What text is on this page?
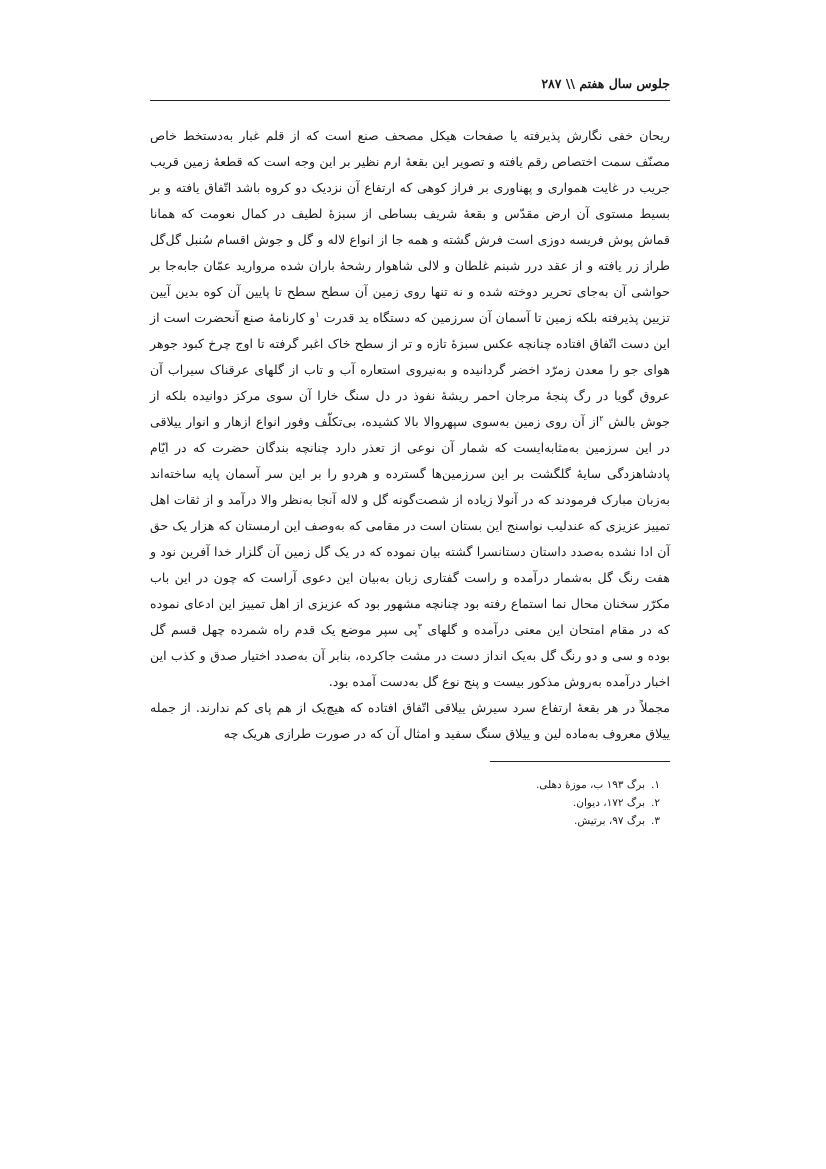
جلوس سال هفتم \\ ۲۸۷

ریحان خفی نگارش پذیرفته یا صفحات هیکل مصحف صنع است که از قلم غبار به‌دستخط خاص مصنّف سمت اختصاص رقم یافته و تصویر این بقعهٔ ارم نظیر بر این وجه است که قطعهٔ زمین قریب جریب در غایت همواری و پهناوری بر فراز کوهی که ارتفاع آن نزدیک دو کروه باشد اتّفاق یافته و بر بسیط مستوی آن ارض مقدّس و بقعهٔ شریف بساطی از سبزهٔ لطیف در کمال نعومت که همانا قماش پوش فریسه دوزی است فرش گشته و همه جا از انواع لاله و گل و جوش اقسام سُنبل گل‌گل طراز زر یافته و از عقد درر شبنم غلطان و لالی شاهوار رشحهٔ باران شده مروارید عمّان جابه‌جا بر حواشی آن به‌جای تحریر دوخته شده و نه تنها روی زمین آن سطح سطح تا پایین آن کوه بدین آیین تزیین پذیرفته بلکه زمین تا آسمان آن سرزمین که دستگاه ید قدرت $^۱$و کارنامهٔ صنع آنحضرت است از این دست اتّفاق افتاده چنانچه عکس سبزهٔ تازه و تر از سطح خاک اغبر گرفته تا اوج چرخ کبود جوهر هوای جو را معدن زمرّد اخضر گردانیده و به‌نیروی استعاره آب و تاب از گلهای عرقناک سیراب آن عروق گویا در رگ پنجهٔ مرجان احمر ریشهٔ نفوذ در دل سنگ خارا آن سوی مرکز دوانیده بلکه از جوش بالش $^۲$از آن روی زمین به‌سوی سپهروالا بالا کشیده، بی‌تکلّف وفور انواع ازهار و انوار ییلاقی در این سرزمین به‌مثابه‌ایست که شمار آن نوعی از تعذر دارد چنانچه بندگان حضرت که در ایّام پادشاهزدگی سایهٔ گلگشت بر این سرزمین‌ها گسترده و هردو را بر این سر آسمان پایه ساخته‌اند به‌زبان مبارک فرمودند که در آنولا زیاده از شصت‌گونه گل و لاله آنجا به‌نظر والا درآمد و از ثقات اهل تمییز عزیزی که عندلیب نواسنج این بستان است در مقامی که به‌وصف این ارمستان که هزار یک حق آن ادا نشده به‌صدد داستان دستانسرا گشته بیان نموده که در یک گل زمین آن گلزار خدا آفرین نود و هفت رنگ گل به‌شمار درآمده و راست گفتاری زبان به‌بیان این دعوی آراست که چون در این باب مکرّر سخنان محال نما استماع رفته بود چنانچه مشهور بود که عزیزی از اهل تمییز این ادعای نموده که در مقام امتحان این معنی درآمده و گلهای $^۳$پی سپر موضع یک قدم راه شمرده چهل قسم گل بوده و سی و دو رنگ گل به‌یک انداز دست در مشت جاکرده، بنابر آن به‌صدد اختیار صدق و کذب این اخبار درآمده به‌روش مذکور بیست و پنج نوع گل به‌دست آمده بود.

مجملاً در هر بقعهٔ ارتفاع سرد سیرش ییلاقی اتّفاق افتاده که هیچ‌یک از هم پای کم ندارند. از جمله ییلاق معروف به‌ماده لین و ییلاق سنگ سفید و امثال آن که در صورت طرازی هریک چه

۱.برگ ۱۹۳ ب، موزهٔ دهلی.
۲.برگ ۱۷۲، دیوان.
۳.برگ ۹۷، برتیش.
